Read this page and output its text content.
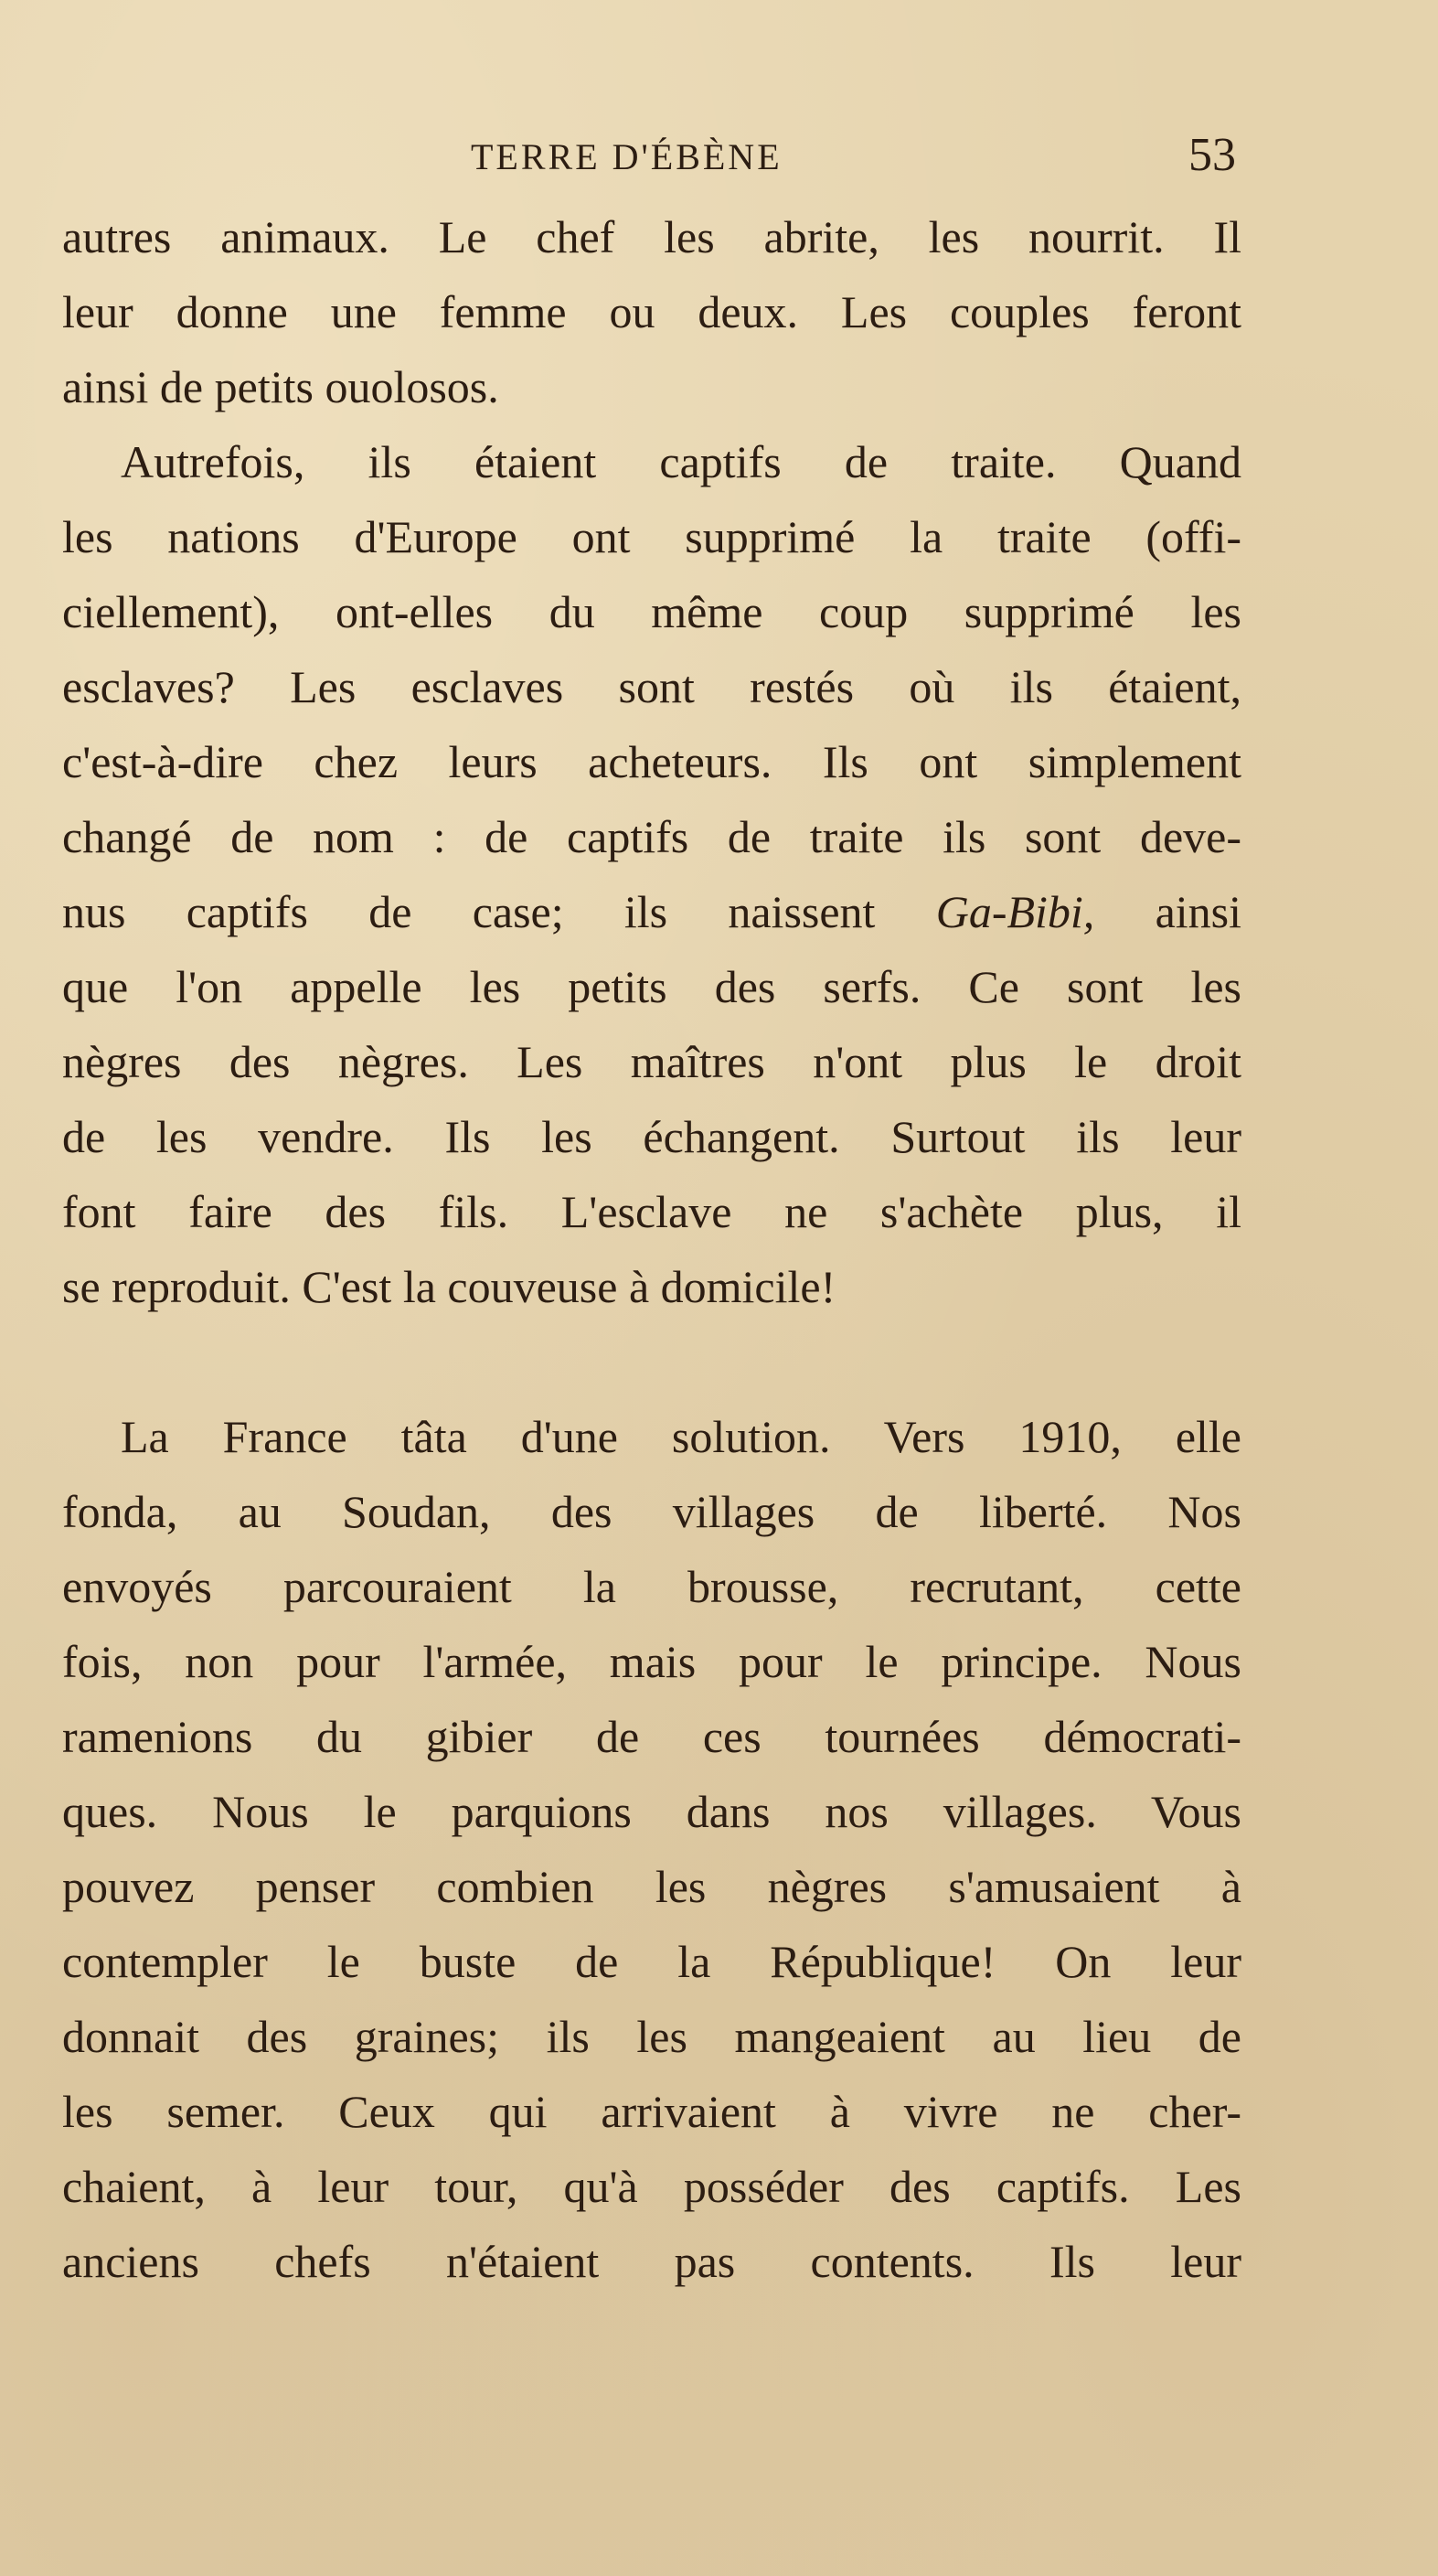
TERRE D'ÉBÈNE	53
autres animaux. Le chef les abrite, les nourrit. Il
leur donne une femme ou deux. Les couples feront
ainsi de petits ouolosos.
Autrefois, ils étaient captifs de traite. Quand
les nations d'Europe ont supprimé la traite (offi-
ciellement), ont-elles du même coup supprimé les
esclaves? Les esclaves sont restés où ils étaient,
c'est-à-dire chez leurs acheteurs. Ils ont simplement
changé de nom : de captifs de traite ils sont deve-
nus captifs de case; ils naissent Ga-Bibi, ainsi
que l'on appelle les petits des serfs. Ce sont les
nègres des nègres. Les maîtres n'ont plus le droit
de les vendre. Ils les échangent. Surtout ils leur
font faire des fils. L'esclave ne s'achète plus, il
se reproduit. C'est la couveuse à domicile!
La France tâta d'une solution. Vers 1910, elle
fonda, au Soudan, des villages de liberté. Nos
envoyés parcouraient la brousse, recrutant, cette
fois, non pour l'armée, mais pour le principe. Nous
ramenions du gibier de ces tournées démocrati-
ques. Nous le parquions dans nos villages. Vous
pouvez penser combien les nègres s'amusaient à
contempler le buste de la République! On leur
donnait des graines; ils les mangeaient au lieu de
les semer. Ceux qui arrivaient à vivre ne cher-
chaient, à leur tour, qu'à posséder des captifs. Les
anciens chefs n'étaient pas contents. Ils leur
